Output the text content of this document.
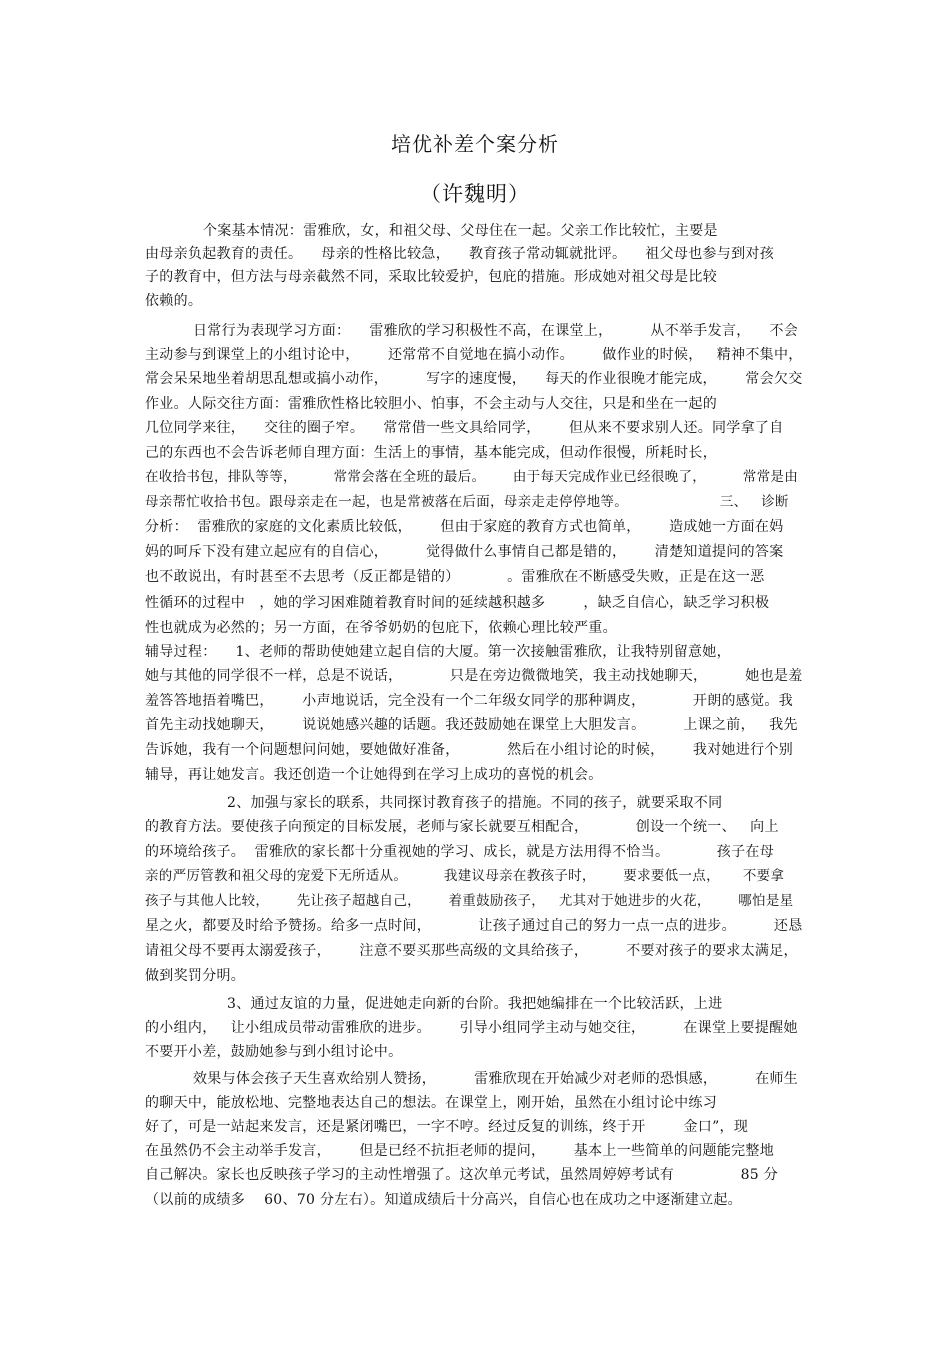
培优补差个案分析
（许魏明）
个案基本情况：雷雅欣，女，和祖父母、父母住在一起。父亲工作比较忙，主要是
由母亲负起教育的责任。    母亲的性格比较急，    教育孩子常动辄就批评。    祖父母也参与到对孩
子的教育中，但方法与母亲截然不同，采取比较爱护，包庇的措施。形成她对祖父母是比较
依赖的。
日常行为表现学习方面：    雷雅欣的学习积极性不高，在课堂上，        从不举手发言，    不会
主动参与到课堂上的小组讨论中，      还常常不自觉地在搞小动作。      做作业的时候，   精神不集中，
常会呆呆地坐着胡思乱想或搞小动作，        写字的速度慢，    每天的作业很晚才能完成，      常会欠交
作业。人际交往方面：雷雅欣性格比较胆小、怕事，不会主动与人交往，只是和坐在一起的
几位同学来往，    交往的圈子窄。    常常借一些文具给同学，      但从来不要求别人还。同学拿了自
己的东西也不会告诉老师自理方面：生活上的事情，基本能完成，但动作很慢，所耗时长，
在收拾书包，排队等等，        常常会落在全班的最后。      由于每天完成作业已经很晚了，        常常是由
母亲帮忙收拾书包。跟母亲走在一起，也是常被落在后面，母亲走走停停地等。                    三、   诊断
分析：  雷雅欣的家庭的文化素质比较低，      但由于家庭的教育方式也简单，      造成她一方面在妈
妈的呵斥下没有建立起应有的自信心，        觉得做什么事情自己都是错的，      清楚知道提问的答案
也不敢说出，有时甚至不去思考（反正都是错的）          。雷雅欣在不断感受失败，正是在这一恶
性循环的过程中   ，她的学习困难随着教育时间的延续越积越多        ，缺乏自信心，缺乏学习积极
性也就成为必然的；另一方面，在爷爷奶奶的包庇下，依赖心理比较严重。
辅导过程：    1、老师的帮助使她建立起自信的大厦。第一次接触雷雅欣，让我特别留意她，
她与其他的同学很不一样，总是不说话，          只是在旁边微微地笑，我主动找她聊天，        她也是羞
羞答答地捂着嘴巴，      小声地说话，完全没有一个二年级女同学的那种调皮，          开朗的感觉。我
首先主动找她聊天，      说说她感兴趣的话题。我还鼓励她在课堂上大胆发言。        上课之前，   我先
告诉她，我有一个问题想问问她，要她做好准备，          然后在小组讨论的时候，      我对她进行个别
辅导，再让她发言。我还创造一个让她得到在学习上成功的喜悦的机会。
2、加强与家长的联系，共同探讨教育孩子的措施。不同的孩子，就要采取不同
的教育方法。要使孩子向预定的目标发展，老师与家长就要互相配合，          创设一个统一、   向上
的环境给孩子。  雷雅欣的家长都十分重视她的学习、成长，就是方法用得不恰当。          孩子在母
亲的严厉管教和祖父母的宠爱下无所适从。        我建议母亲在教孩子时，      要求要低一点，     不要拿
孩子与其他人比较，      先让孩子超越自己，      着重鼓励孩子，   尤其对于她进步的火花，      哪怕是星
星之火，都要及时给予赞扬。给多一点时间，          让孩子通过自己的努力一点一点的进步。        还恳
请祖父母不要再太溺爱孩子，      注意不要买那些高级的文具给孩子，        不要对孩子的要求太满足，
做到奖罚分明。
3、通过友谊的力量，促进她走向新的台阶。我把她编排在一个比较活跃，上进
的小组内，   让小组成员带动雷雅欣的进步。      引导小组同学主动与她交往，        在课堂上要提醒她
不要开小差，鼓励她参与到小组讨论中。
效果与体会孩子天生喜欢给别人赞扬，        雷雅欣现在开始减少对老师的恐惧感，        在师生
的聊天中，能放松地、完整地表达自己的想法。在课堂上，刚开始，虽然在小组讨论中练习
好了，可是一站起来发言，还是紧闭嘴巴，一字不哼。经过反复的训练，终于开        金口”，现
在虽然仍不会主动举手发言，      但是已经不抗拒老师的提问，      基本上一些简单的问题能完整地
自己解决。家长也反映孩子学习的主动性增强了。这次单元考试，虽然周婷婷考试有              85 分
（以前的成绩多    60、70 分左右）。知道成绩后十分高兴，自信心也在成功之中逐渐建立起。
